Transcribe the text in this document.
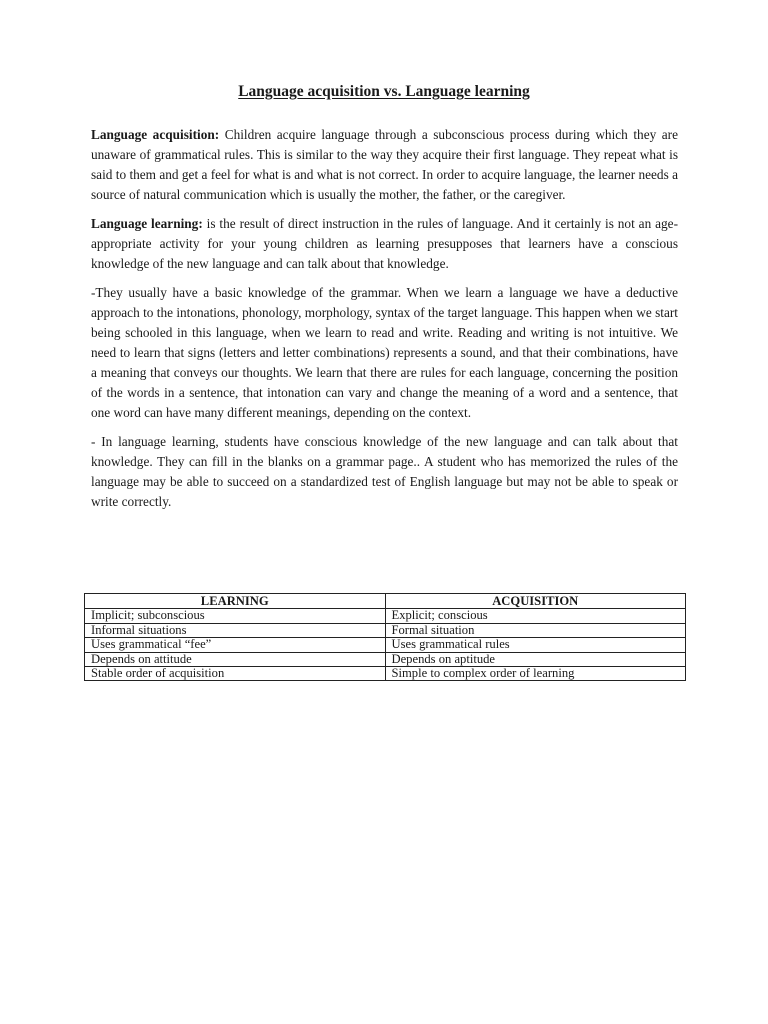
Language acquisition vs. Language learning

Language acquisition: Children acquire language through a subconscious process during which they are unaware of grammatical rules. This is similar to the way they acquire their first language. They repeat what is said to them and get a feel for what is and what is not correct. In order to acquire language, the learner needs a source of natural communication which is usually the mother, the father, or the caregiver.

Language learning: is the result of direct instruction in the rules of language. And it certainly is not an age-appropriate activity for your young children as learning presupposes that learners have a conscious knowledge of the new language and can talk about that knowledge.

-They usually have a basic knowledge of the grammar. When we learn a language we have a deductive approach to the intonations, phonology, morphology, syntax of the target language. This happen when we start being schooled in this language, when we learn to read and write. Reading and writing is not intuitive. We need to learn that signs (letters and letter combinations) represents a sound, and that their combinations, have a meaning that conveys our thoughts. We learn that there are rules for each language, concerning the position of the words in a sentence, that intonation can vary and change the meaning of a word and a sentence, that one word can have many different meanings, depending on the context.

- In language learning, students have conscious knowledge of the new language and can talk about that knowledge. They can fill in the blanks on a grammar page.. A student who has memorized the rules of the language may be able to succeed on a standardized test of English language but may not be able to speak or write correctly.

LEARNING	ACQUISITION
Implicit; subconscious	Explicit; conscious
Informal situations	Formal situation
Uses grammatical “fee”	Uses grammatical rules
Depends on attitude	Depends on aptitude
Stable order of acquisition	Simple to complex order of learning
